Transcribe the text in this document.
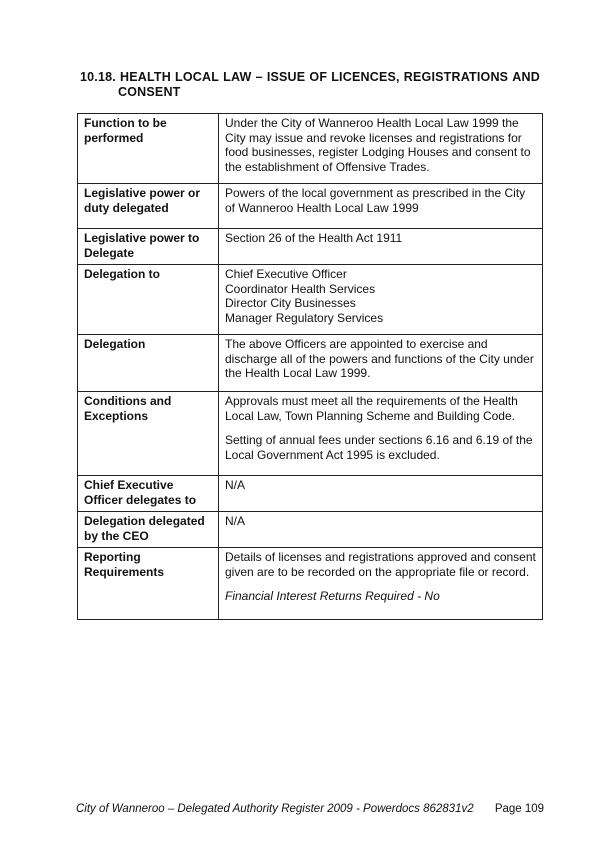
10.18. HEALTH LOCAL LAW – ISSUE OF LICENCES, REGISTRATIONS AND
CONSENT
Function to be performed	Under the City of Wanneroo Health Local Law 1999 the City may issue and revoke licenses and registrations for food businesses, register Lodging Houses and consent to the establishment of Offensive Trades.

Legislative power or duty delegated	Powers of the local government as prescribed in the City of Wanneroo Health Local Law 1999

Legislative power to Delegate	Section 26 of the Health Act 1911

Delegation to	Chief Executive Officer
Coordinator Health Services
Director City Businesses
Manager Regulatory Services

Delegation	The above Officers are appointed to exercise and discharge all of the powers and functions of the City under the Health Local Law 1999.

Conditions and Exceptions	Approvals must meet all the requirements of the Health Local Law, Town Planning Scheme and Building Code.
Setting of annual fees under sections 6.16 and 6.19 of the Local Government Act 1995 is excluded.

Chief Executive Officer delegates to	N/A

Delegation delegated by the CEO	N/A

Reporting Requirements	Details of licenses and registrations approved and consent given are to be recorded on the appropriate file or record.
Financial Interest Returns Required - No
City of Wanneroo – Delegated Authority Register 2009 - Powerdocs 862831v2 Page 109
